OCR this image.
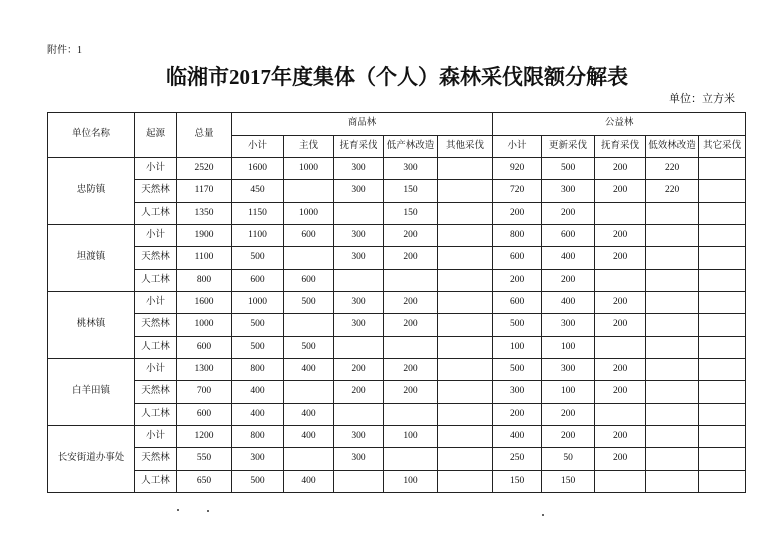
附件：1
临湘市2017年度集体（个人）森林采伐限额分解表
单位：立方米
单位名称	起源	总量	商品林					公益林				
			小计	主伐	抚育采伐	低产林改造	其他采伐	小计	更新采伐	抚育采伐	低效林改造	其它采伐
忠防镇	小计	2520	1600	1000	300	300		920	500	200	220	
	天然林	1170	450		300	150		720	300	200	220	
	人工林	1350	1150	1000		150		200	200			
坦渡镇	小计	1900	1100	600	300	200		800	600	200		
	天然林	1100	500		300	200		600	400	200		
	人工林	800	600	600				200	200			
桃林镇	小计	1600	1000	500	300	200		600	400	200		
	天然林	1000	500		300	200		500	300	200		
	人工林	600	500	500				100	100			
白羊田镇	小计	1300	800	400	200	200		500	300	200		
	天然林	700	400		200	200		300	100	200		
	人工林	600	400	400				200	200			
长安街道办事处	小计	1200	800	400	300	100		400	200	200		
	天然林	550	300		300			250	50	200		
	人工林	650	500	400		100		150	150			
